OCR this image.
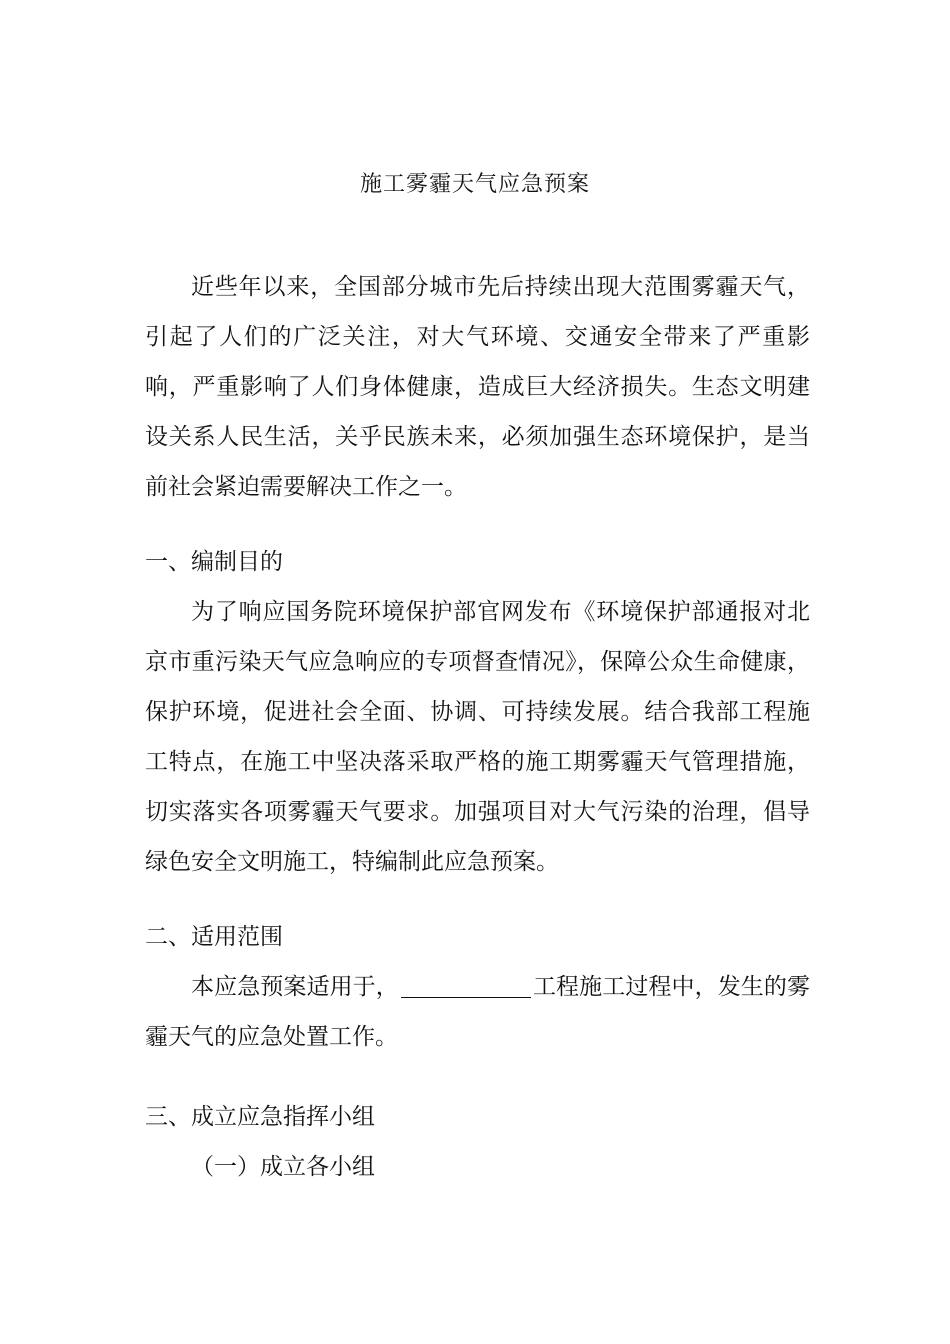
施工雾霾天气应急预案
近些年以来，全国部分城市先后持续出现大范围雾霾天气，引起了人们的广泛关注，对大气环境、交通安全带来了严重影响，严重影响了人们身体健康，造成巨大经济损失。生态文明建设关系人民生活，关乎民族未来，必须加强生态环境保护，是当前社会紧迫需要解决工作之一。
一、编制目的
为了响应国务院环境保护部官网发布《环境保护部通报对北京市重污染天气应急响应的专项督查情况》，保障公众生命健康，保护环境，促进社会全面、协调、可持续发展。结合我部工程施工特点，在施工中坚决落采取严格的施工期雾霾天气管理措施，切实落实各项雾霾天气要求。加强项目对大气污染的治理，倡导绿色安全文明施工，特编制此应急预案。
二、适用范围
本应急预案适用于，	工程施工过程中，发生的雾霾天气的应急处置工作。
三、成立应急指挥小组
（一）成立各小组
